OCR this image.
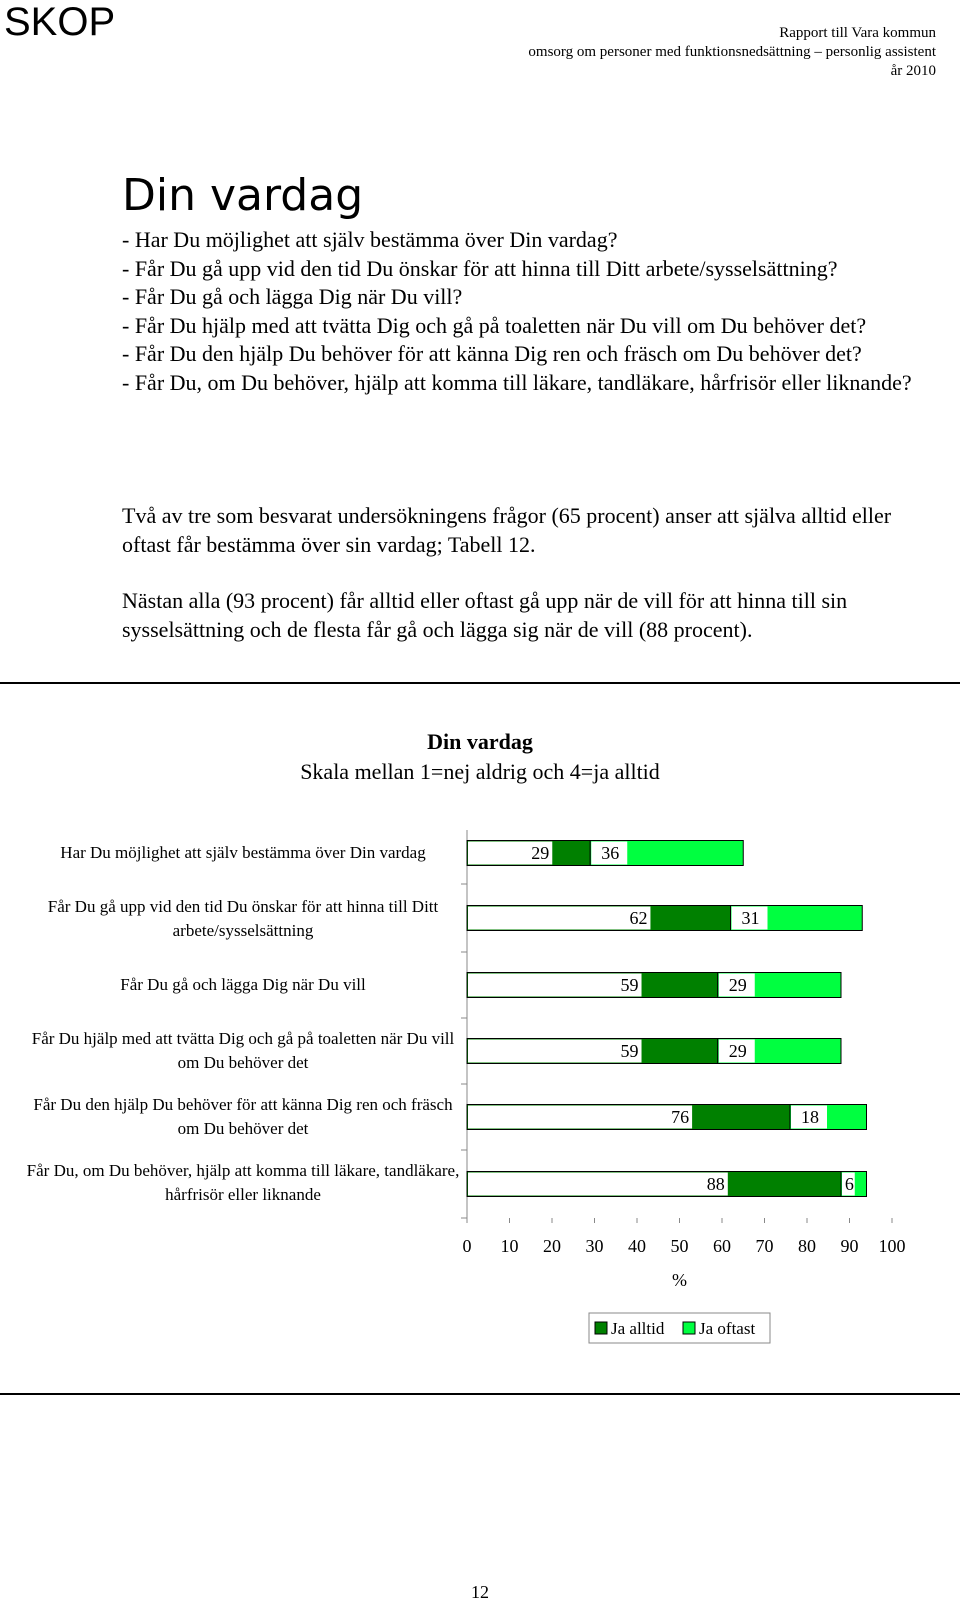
SKOP	Rapport till Vara kommun
omsorg om personer med funktionsnedsättning – personlig assistent
år 2010
Din vardag
- Har Du möjlighet att själv bestämma över Din vardag?
- Får Du gå upp vid den tid Du önskar för att hinna till Ditt arbete/sysselsättning?
- Får Du gå och lägga Dig när Du vill?
- Får Du hjälp med att tvätta Dig och gå på toaletten när Du vill om Du behöver det?
- Får Du den hjälp Du behöver för att känna Dig ren och fräsch om Du behöver det?
- Får Du, om Du behöver, hjälp att komma till läkare, tandläkare, hårfrisör eller liknande?
Två av tre som besvarat undersökningens frågor (65 procent) anser att själva alltid eller oftast får bestämma över sin vardag; Tabell 12.
Nästan alla (93 procent) får alltid eller oftast gå upp när de vill för att hinna till sin sysselsättning och de flesta får gå och lägga sig när de vill (88 procent).
Din vardag
Skala mellan 1=nej aldrig och 4=ja alltid
Har Du möjlighet att själv bestämma över Din vardag
Får Du gå upp vid den tid Du önskar för att hinna till Ditt arbete/sysselsättning
Får Du gå och lägga Dig när Du vill
Får Du hjälp med att tvätta Dig och gå på toaletten när Du vill om Du behöver det
Får Du den hjälp Du behöver för att känna Dig ren och fräsch om Du behöver det
Får Du, om Du behöver, hjälp att komma till läkare, tandläkare, hårfrisör eller liknande
0 10 20 30 40 50 60 70 80 90 100
%
29	36
62	31
59	29
59	29
76	18
88	6
Ja alltid Ja oftast
12
